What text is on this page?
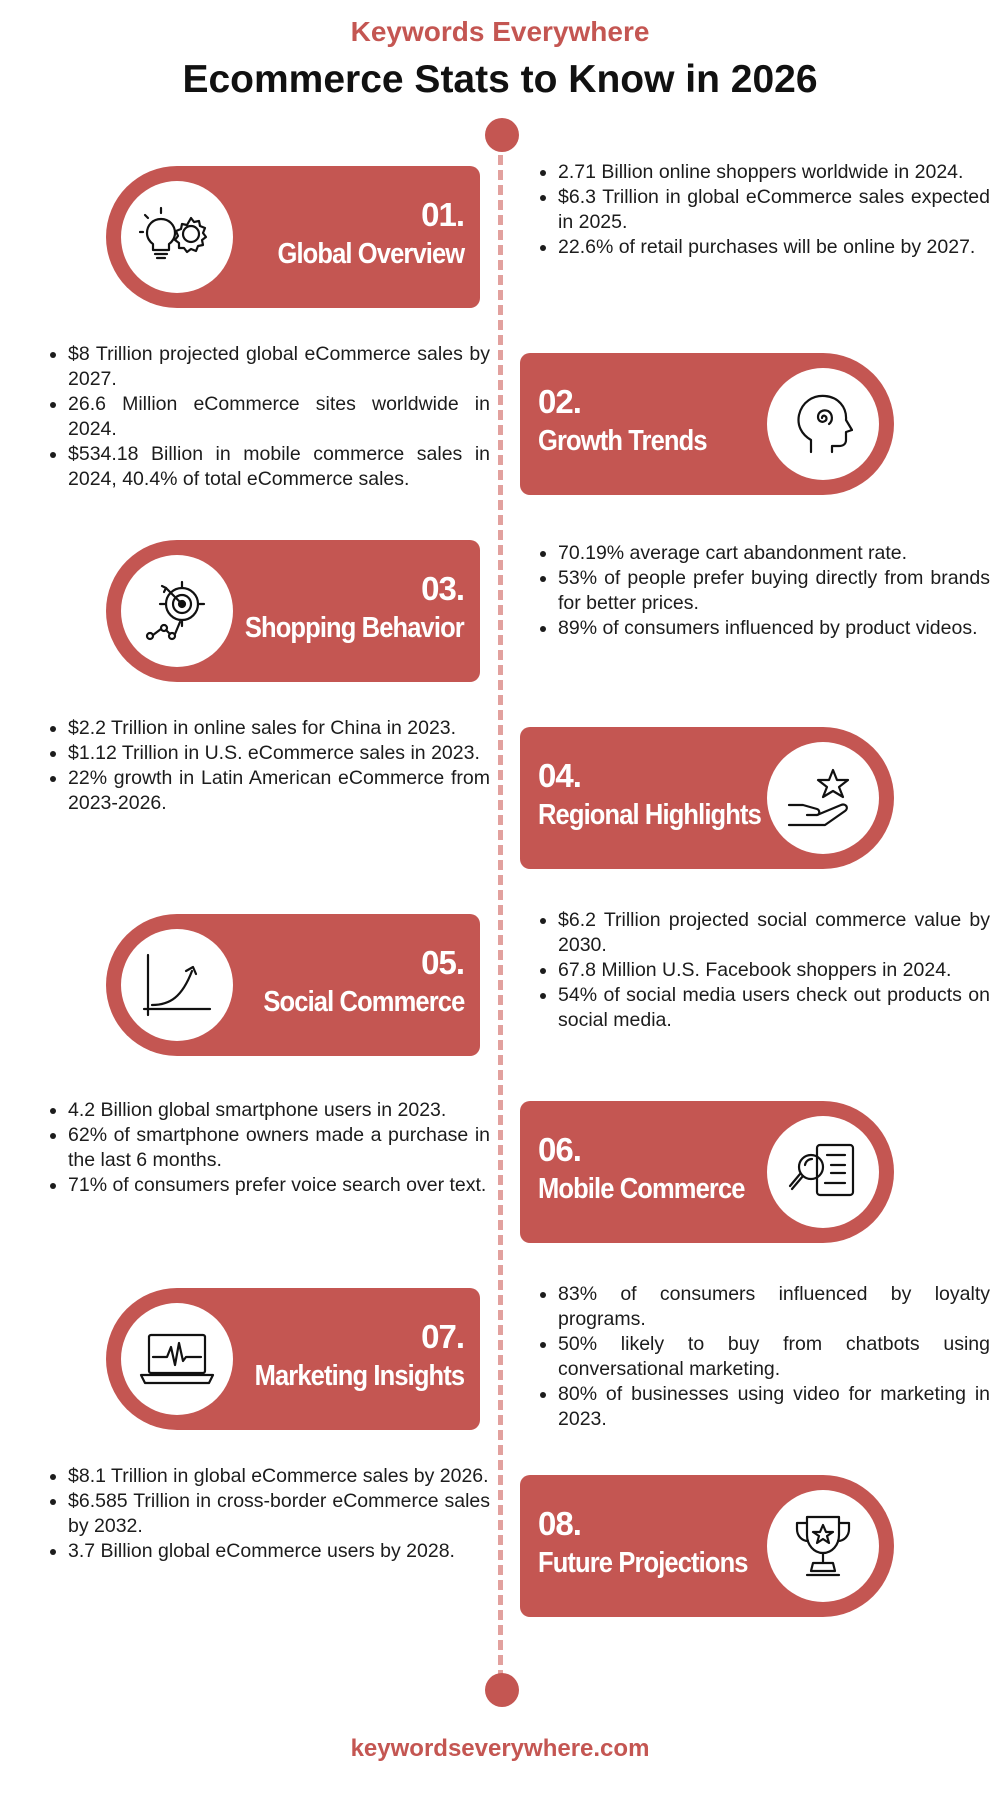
Keywords Everywhere
Ecommerce Stats to Know in 2026
01.
Global Overview
• 2.71 Billion online shoppers worldwide in 2024.
• $6.3 Trillion in global eCommerce sales expected in 2025.
• 22.6% of retail purchases will be online by 2027.
02.
Growth Trends
• $8 Trillion projected global eCommerce sales by 2027.
• 26.6 Million eCommerce sites worldwide in 2024.
• $534.18 Billion in mobile commerce sales in 2024, 40.4% of total eCommerce sales.
03.
Shopping Behavior
• 70.19% average cart abandonment rate.
• 53% of people prefer buying directly from brands for better prices.
• 89% of consumers influenced by product videos.
04.
Regional Highlights
• $2.2 Trillion in online sales for China in 2023.
• $1.12 Trillion in U.S. eCommerce sales in 2023.
• 22% growth in Latin American eCommerce from 2023-2026.
05.
Social Commerce
• $6.2 Trillion projected social commerce value by 2030.
• 67.8 Million U.S. Facebook shoppers in 2024.
• 54% of social media users check out products on social media.
06.
Mobile Commerce
• 4.2 Billion global smartphone users in 2023.
• 62% of smartphone owners made a purchase in the last 6 months.
• 71% of consumers prefer voice search over text.
07.
Marketing Insights
• 83% of consumers influenced by loyalty programs.
• 50% likely to buy from chatbots using conversational marketing.
• 80% of businesses using video for marketing in 2023.
08.
Future Projections
• $8.1 Trillion in global eCommerce sales by 2026.
• $6.585 Trillion in cross-border eCommerce sales by 2032.
• 3.7 Billion global eCommerce users by 2028.
keywordseverywhere.com
